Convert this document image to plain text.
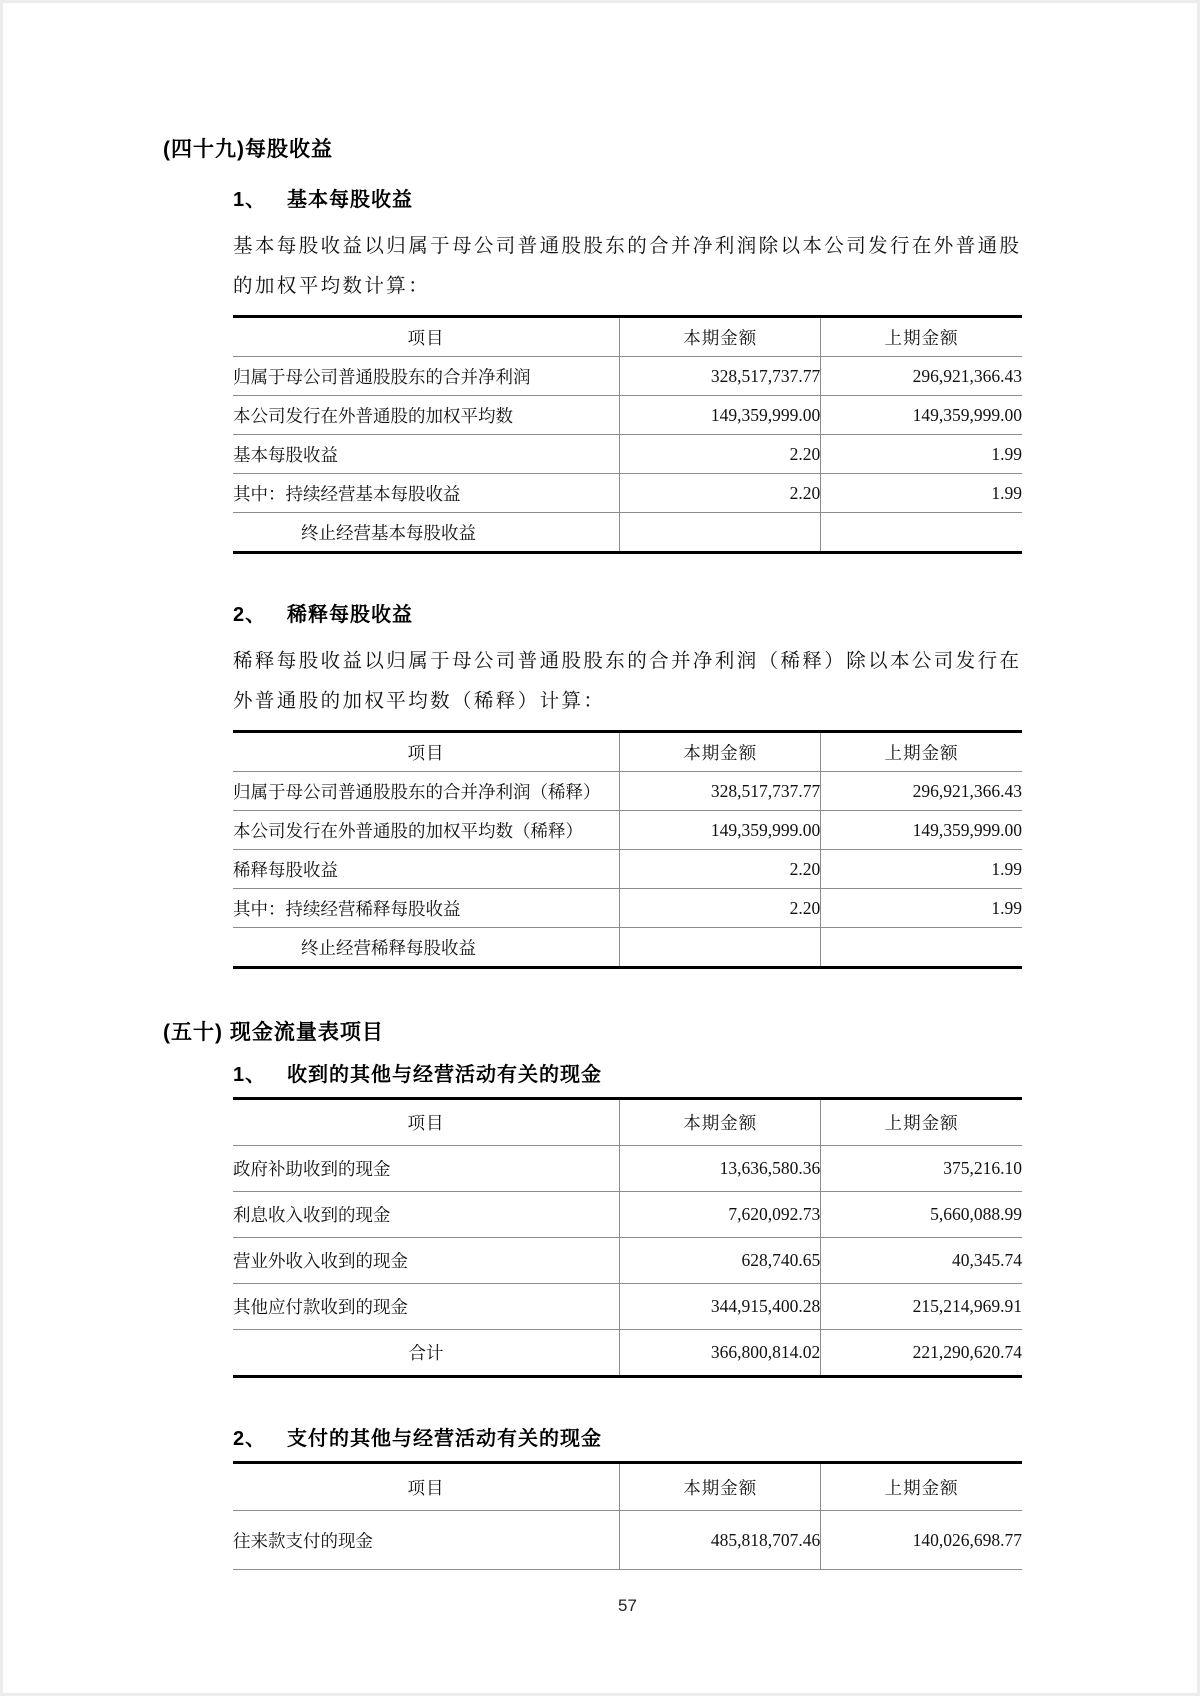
(四十九)每股收益
1、	基本每股收益
基本每股收益以归属于母公司普通股股东的合并净利润除以本公司发行在外普通股
的加权平均数计算：
项目	本期金额	上期金额
归属于母公司普通股股东的合并净利润	328,517,737.77	296,921,366.43
本公司发行在外普通股的加权平均数	149,359,999.00	149,359,999.00
基本每股收益	2.20	1.99
其中：持续经营基本每股收益	2.20	1.99
终止经营基本每股收益		
2、	稀释每股收益
稀释每股收益以归属于母公司普通股股东的合并净利润（稀释）除以本公司发行在
外普通股的加权平均数（稀释）计算：
项目	本期金额	上期金额
归属于母公司普通股股东的合并净利润（稀释）	328,517,737.77	296,921,366.43
本公司发行在外普通股的加权平均数（稀释）	149,359,999.00	149,359,999.00
稀释每股收益	2.20	1.99
其中：持续经营稀释每股收益	2.20	1.99
终止经营稀释每股收益		
(五十) 现金流量表项目
1、	收到的其他与经营活动有关的现金
项目	本期金额	上期金额
政府补助收到的现金	13,636,580.36	375,216.10
利息收入收到的现金	7,620,092.73	5,660,088.99
营业外收入收到的现金	628,740.65	40,345.74
其他应付款收到的现金	344,915,400.28	215,214,969.91
合计	366,800,814.02	221,290,620.74
2、	支付的其他与经营活动有关的现金
项目	本期金额	上期金额
往来款支付的现金	485,818,707.46	140,026,698.77
57
